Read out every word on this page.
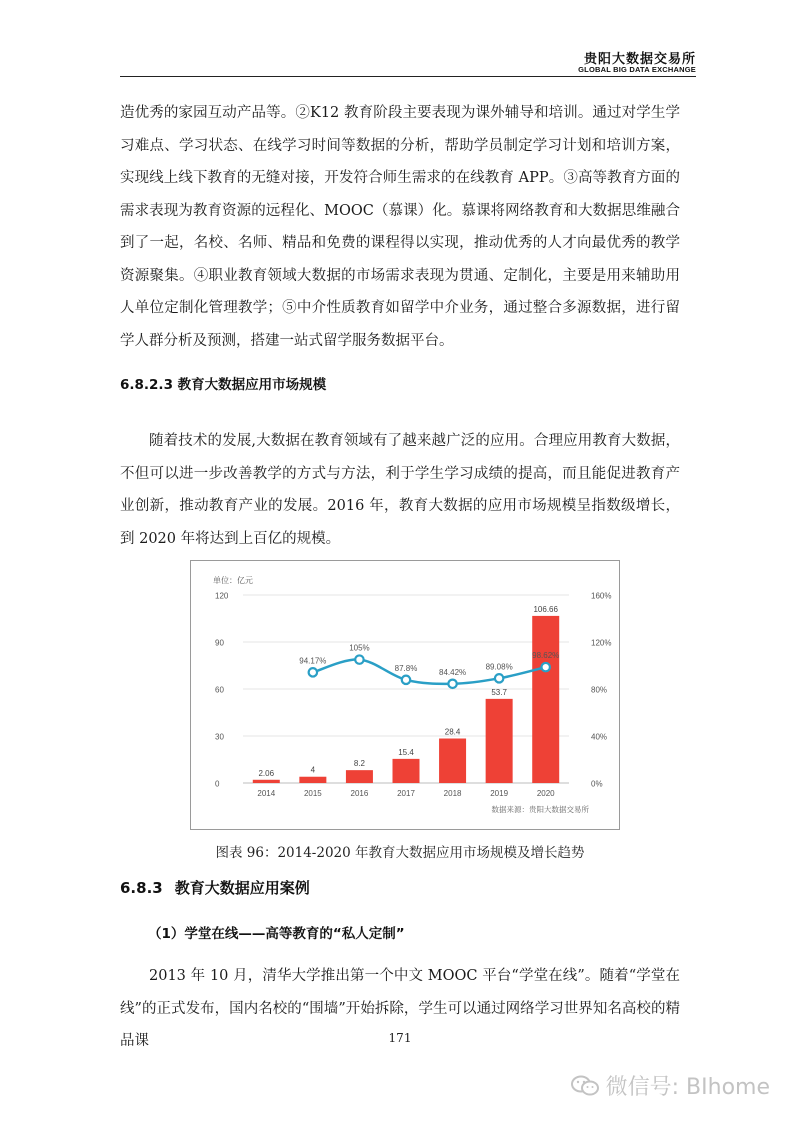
贵阳大数据交易所
GLOBAL BIG DATA EXCHANGE
造优秀的家园互动产品等。②K12 教育阶段主要表现为课外辅导和培训。通过对学生学习难点、学习状态、在线学习时间等数据的分析，帮助学员制定学习计划和培训方案，实现线上线下教育的无缝对接，开发符合师生需求的在线教育 APP。③高等教育方面的需求表现为教育资源的远程化、MOOC（慕课）化。慕课将网络教育和大数据思维融合到了一起，名校、名师、精品和免费的课程得以实现，推动优秀的人才向最优秀的教学资源聚集。④职业教育领域大数据的市场需求表现为贯通、定制化，主要是用来辅助用人单位定制化管理教学；⑤中介性质教育如留学中介业务，通过整合多源数据，进行留学人群分析及预测，搭建一站式留学服务数据平台。
6.8.2.3 教育大数据应用市场规模
随着技术的发展,大数据在教育领域有了越来越广泛的应用。合理应用教育大数据，不但可以进一步改善教学的方式与方法，利于学生学习成绩的提高，而且能促进教育产业创新，推动教育产业的发展。2016 年，教育大数据的应用市场规模呈指数级增长，到 2020 年将达到上百亿的规模。
0
30
60
90
120
0%
40%
80%
120%
160%
单位：亿元
2.06
2014
4
2015
8.2
2016
15.4
2017
28.4
2018
53.7
2019
106.66
2020
94.17%
105%
87.8%	84.42%
89.08%
98.62%
数据来源：贵阳大数据交易所
图表 96：2014-2020 年教育大数据应用市场规模及增长趋势
6.8.3 教育大数据应用案例
（1）学堂在线——高等教育的“私人定制”
2013 年 10 月，清华大学推出第一个中文 MOOC 平台“学堂在线”。随着“学堂在线”的正式发布，国内名校的“围墙”开始拆除，学生可以通过网络学习世界知名高校的精品课	171
微信号: BIhome
